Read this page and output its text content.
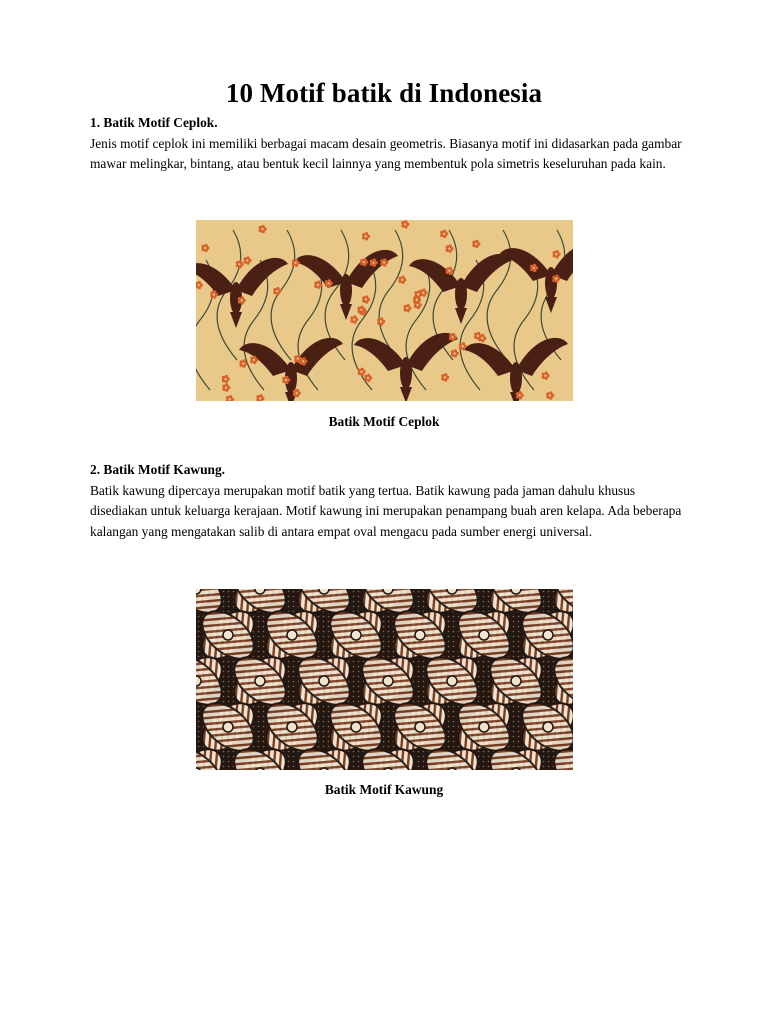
10 Motif batik di Indonesia

1. Batik Motif Ceplok.

Jenis motif ceplok ini memiliki berbagai macam desain geometris. Biasanya motif ini didasarkan pada gambar mawar melingkar, bintang, atau bentuk kecil lainnya yang membentuk pola simetris keseluruhan pada kain.

Batik Motif Ceplok

2. Batik Motif Kawung.

Batik kawung dipercaya merupakan motif batik yang tertua. Batik kawung pada jaman dahulu khusus disediakan untuk keluarga kerajaan. Motif kawung ini merupakan penampang buah aren kelapa. Ada beberapa kalangan yang mengatakan salib di antara empat oval mengacu pada sumber energi universal.

Batik Motif Kawung
